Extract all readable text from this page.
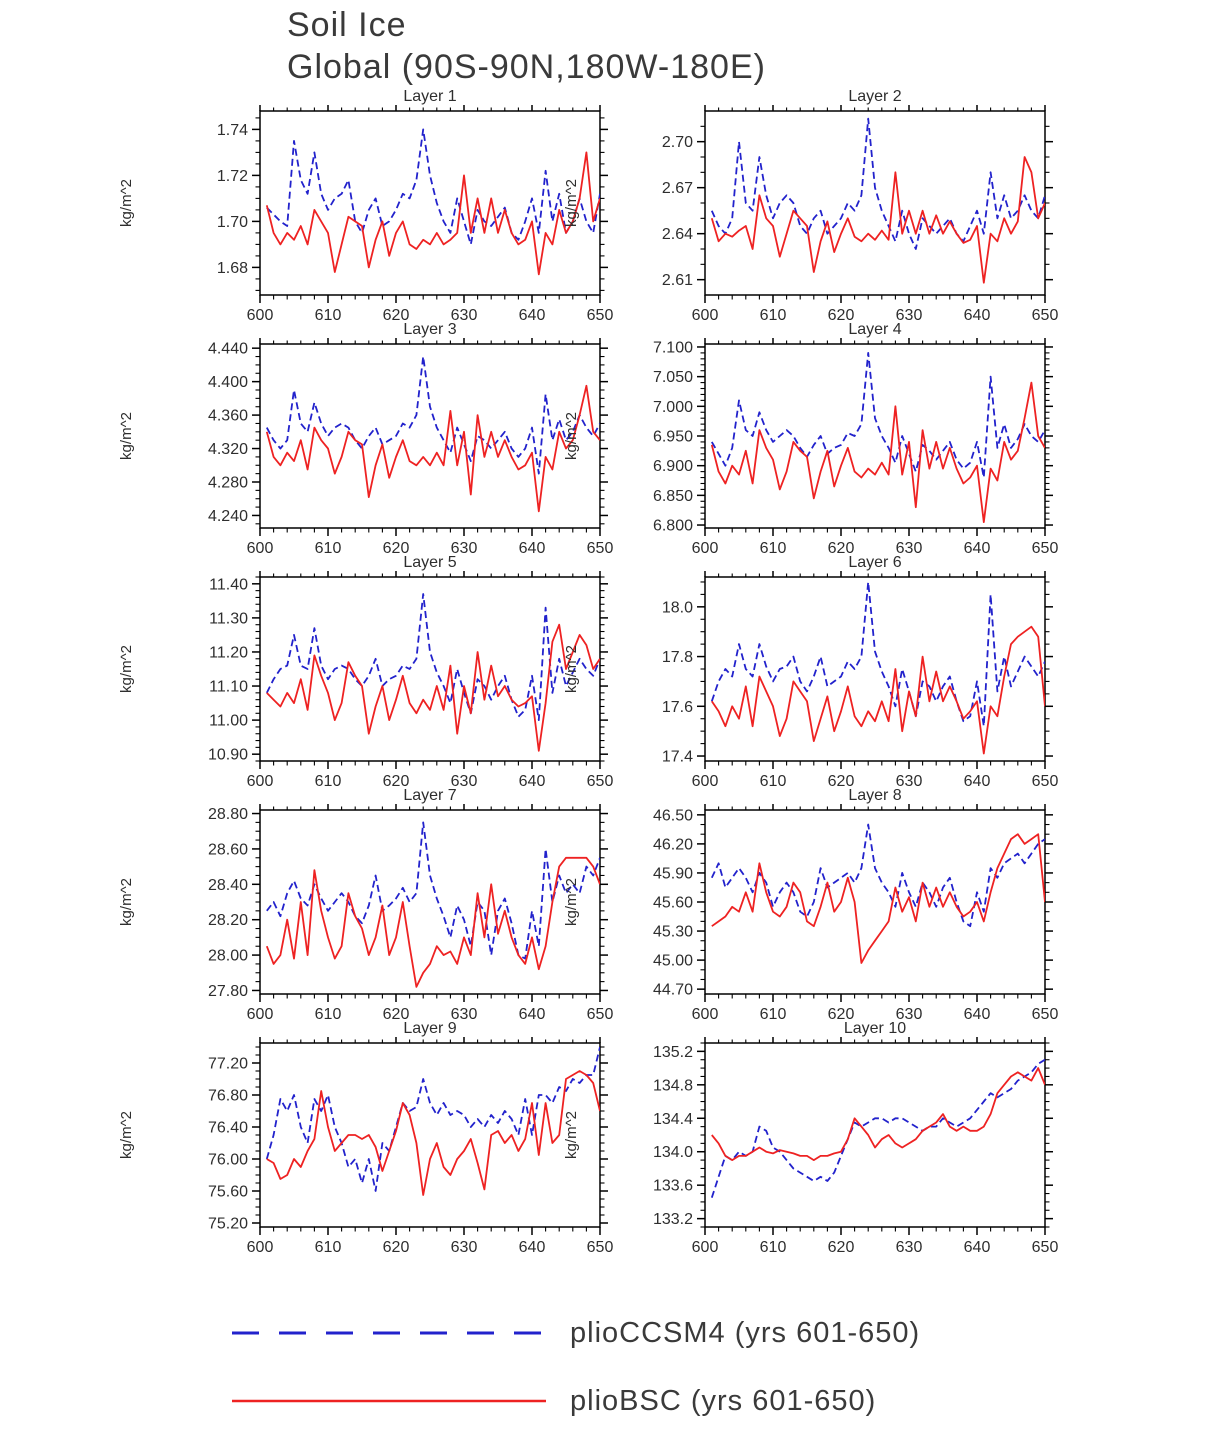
Soil Ice
Global (90S-90N,180W-180E)
Layer 1
kg/m^2
1.68
1.70
1.72
1.74
600	610	620	630	640	650
Layer 2
kg/m^2
2.61
2.64
2.67
2.70
600	610	620	630	640	650
Layer 3
kg/m^2
4.240
4.280
4.320
4.360
4.400
4.440
600	610	620	630	640	650
Layer 4
kg/m^2
6.800
6.850
6.900
6.950
7.000
7.050
7.100
600	610	620	630	640	650
Layer 5
kg/m^2
10.90
11.00
11.10
11.20
11.30
11.40
600	610	620	630	640	650
Layer 6
kg/m^2
17.4
17.6
17.8
18.0
600	610	620	630	640	650
Layer 7
kg/m^2
27.80
28.00
28.20
28.40
28.60
28.80
600	610	620	630	640	650
Layer 8
kg/m^2
44.70
45.00
45.30
45.60
45.90
46.20
46.50
600	610	620	630	640	650
Layer 9
kg/m^2
75.20
75.60
76.00
76.40
76.80
77.20
600	610	620	630	640	650
Layer 10
kg/m^2
133.2
133.6
134.0
134.4
134.8
135.2
600	610	620	630	640	650
plioCCSM4 (yrs 601-650)
plioBSC (yrs 601-650)
